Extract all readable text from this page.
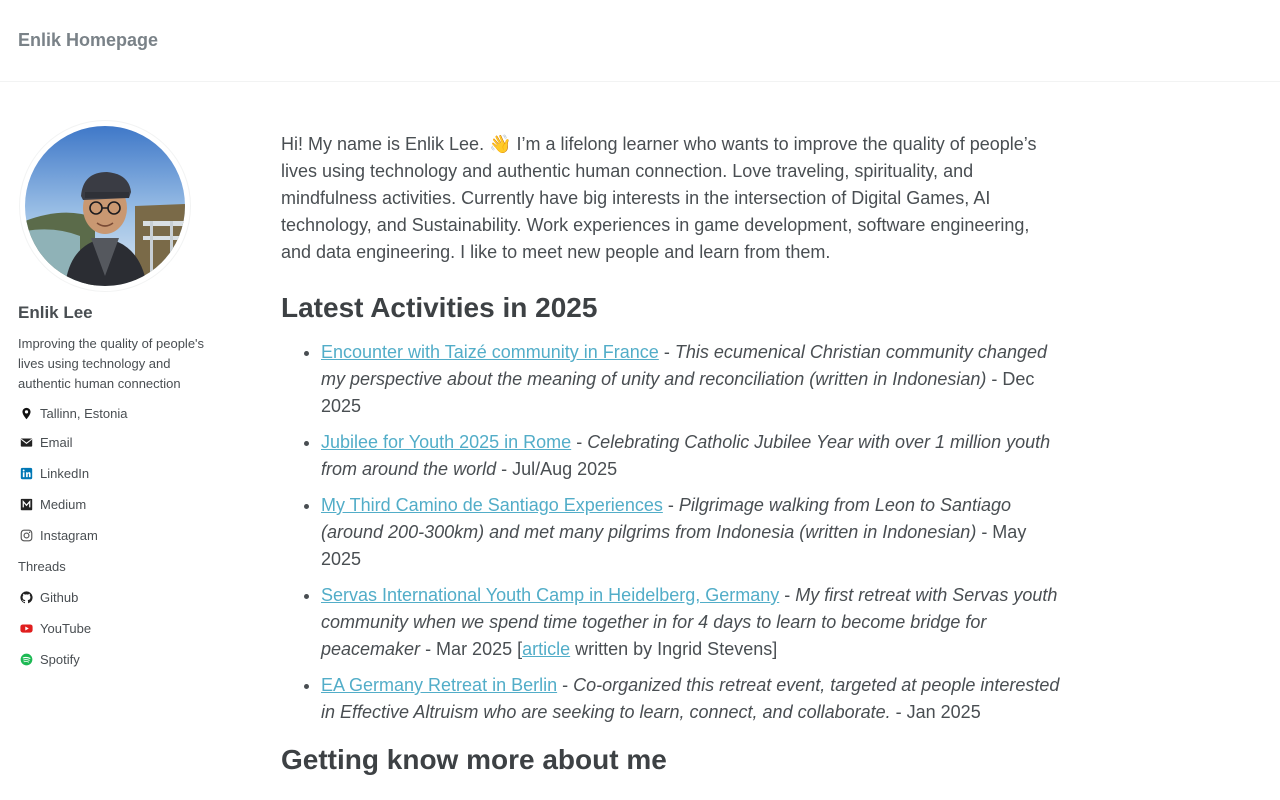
Enlik Homepage
Enlik Lee
Improving the quality of people's lives using technology and authentic human connection
Tallinn, Estonia
Email
LinkedIn
Medium
Instagram
Threads
Github
YouTube
Spotify

Hi! My name is Enlik Lee. 👋 I’m a lifelong learner who wants to improve the quality of people’s lives using technology and authentic human connection. Love traveling, spirituality, and mindfulness activities. Currently have big interests in the intersection of Digital Games, AI technology, and Sustainability. Work experiences in game development, software engineering, and data engineering. I like to meet new people and learn from them.

Latest Activities in 2025
• Encounter with Taizé community in France - This ecumenical Christian community changed my perspective about the meaning of unity and reconciliation (written in Indonesian) - Dec 2025
• Jubilee for Youth 2025 in Rome - Celebrating Catholic Jubilee Year with over 1 million youth from around the world - Jul/Aug 2025
• My Third Camino de Santiago Experiences - Pilgrimage walking from Leon to Santiago (around 200-300km) and met many pilgrims from Indonesia (written in Indonesian) - May 2025
• Servas International Youth Camp in Heidelberg, Germany - My first retreat with Servas youth community when we spend time together in for 4 days to learn to become bridge for peacemaker - Mar 2025 [article written by Ingrid Stevens]
• EA Germany Retreat in Berlin - Co-organized this retreat event, targeted at people interested in Effective Altruism who are seeking to learn, connect, and collaborate. - Jan 2025
Getting know more about me
